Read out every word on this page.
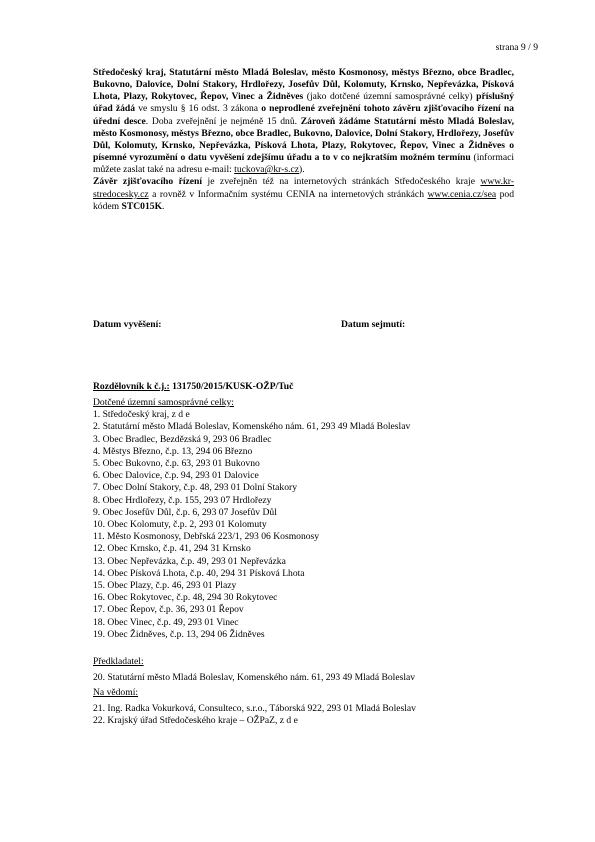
strana 9 / 9
Středočeský kraj, Statutární město Mladá Boleslav, město Kosmonosy, městys Březno, obce Bradlec, Bukovno, Dalovice, Dolní Stakory, Hrdlořezy, Josefův Důl, Kolomuty, Krnsko, Nepřevázka, Písková Lhota, Plazy, Rokytovec, Řepov, Vinec a Židněves (jako dotčené územní samosprávné celky) příslušný úřad žádá ve smyslu § 16 odst. 3 zákona o neprodlené zveřejnění tohoto závěru zjišťovacího řízení na úřední desce. Doba zveřejnění je nejméně 15 dnů. Zároveň žádáme Statutární město Mladá Boleslav, město Kosmonosy, městys Březno, obce Bradlec, Bukovno, Dalovice, Dolní Stakory, Hrdlořezy, Josefův Důl, Kolomuty, Krnsko, Nepřevázka, Písková Lhota, Plazy, Rokytovec, Řepov, Vinec a Židněves o písemné vyrozumění o datu vyvěšení zdejšímu úřadu a to v co nejkratším možném termínu (informaci můžete zaslat také na adresu e-mail: tuckova@kr-s.cz).
Závěr zjišťovacího řízení je zveřejněn též na internetových stránkách Středočeského kraje www.kr-stredocesky.cz a rovněž v Informačním systému CENIA na internetových stránkách www.cenia.cz/sea pod kódem STC015K.
Datum vyvěšení:	Datum sejmutí:
Rozdělovník k č.j.: 131750/2015/KUSK-OŽP/Tuč
Dotčené územní samosprávné celky:
1. Středočeský kraj, z d e
2. Statutární město Mladá Boleslav, Komenského nám. 61, 293 49 Mladá Boleslav
3. Obec Bradlec, Bezdězská 9, 293 06 Bradlec
4. Městys Březno, č.p. 13, 294 06 Březno
5. Obec Bukovno, č.p. 63, 293 01 Bukovno
6. Obec Dalovice, č.p. 94, 293 01 Dalovice
7. Obec Dolní Stakory, č.p. 48, 293 01 Dolní Stakory
8. Obec Hrdlořezy, č.p. 155, 293 07 Hrdlořezy
9. Obec Josefův Důl, č.p. 6, 293 07 Josefův Důl
10. Obec Kolomuty, č.p. 2, 293 01 Kolomuty
11. Město Kosmonosy, Debřská 223/1, 293 06 Kosmonosy
12. Obec Krnsko, č.p. 41, 294 31 Krnsko
13. Obec Nepřevázka, č.p. 49, 293 01 Nepřevázka
14. Obec Písková Lhota, č.p. 40, 294 31 Písková Lhota
15. Obec Plazy, č.p. 46, 293 01 Plazy
16. Obec Rokytovec, č.p. 48, 294 30 Rokytovec
17. Obec Řepov, č.p. 36, 293 01 Řepov
18. Obec Vinec, č.p. 49, 293 01 Vinec
19. Obec Židněves, č.p. 13, 294 06 Židněves
Předkladatel:
20. Statutární město Mladá Boleslav, Komenského nám. 61, 293 49 Mladá Boleslav
Na vědomí:
21. Ing. Radka Vokurková, Consulteco, s.r.o., Táborská 922, 293 01 Mladá Boleslav
22. Krajský úřad Středočeského kraje – OŽPaZ, z d e
